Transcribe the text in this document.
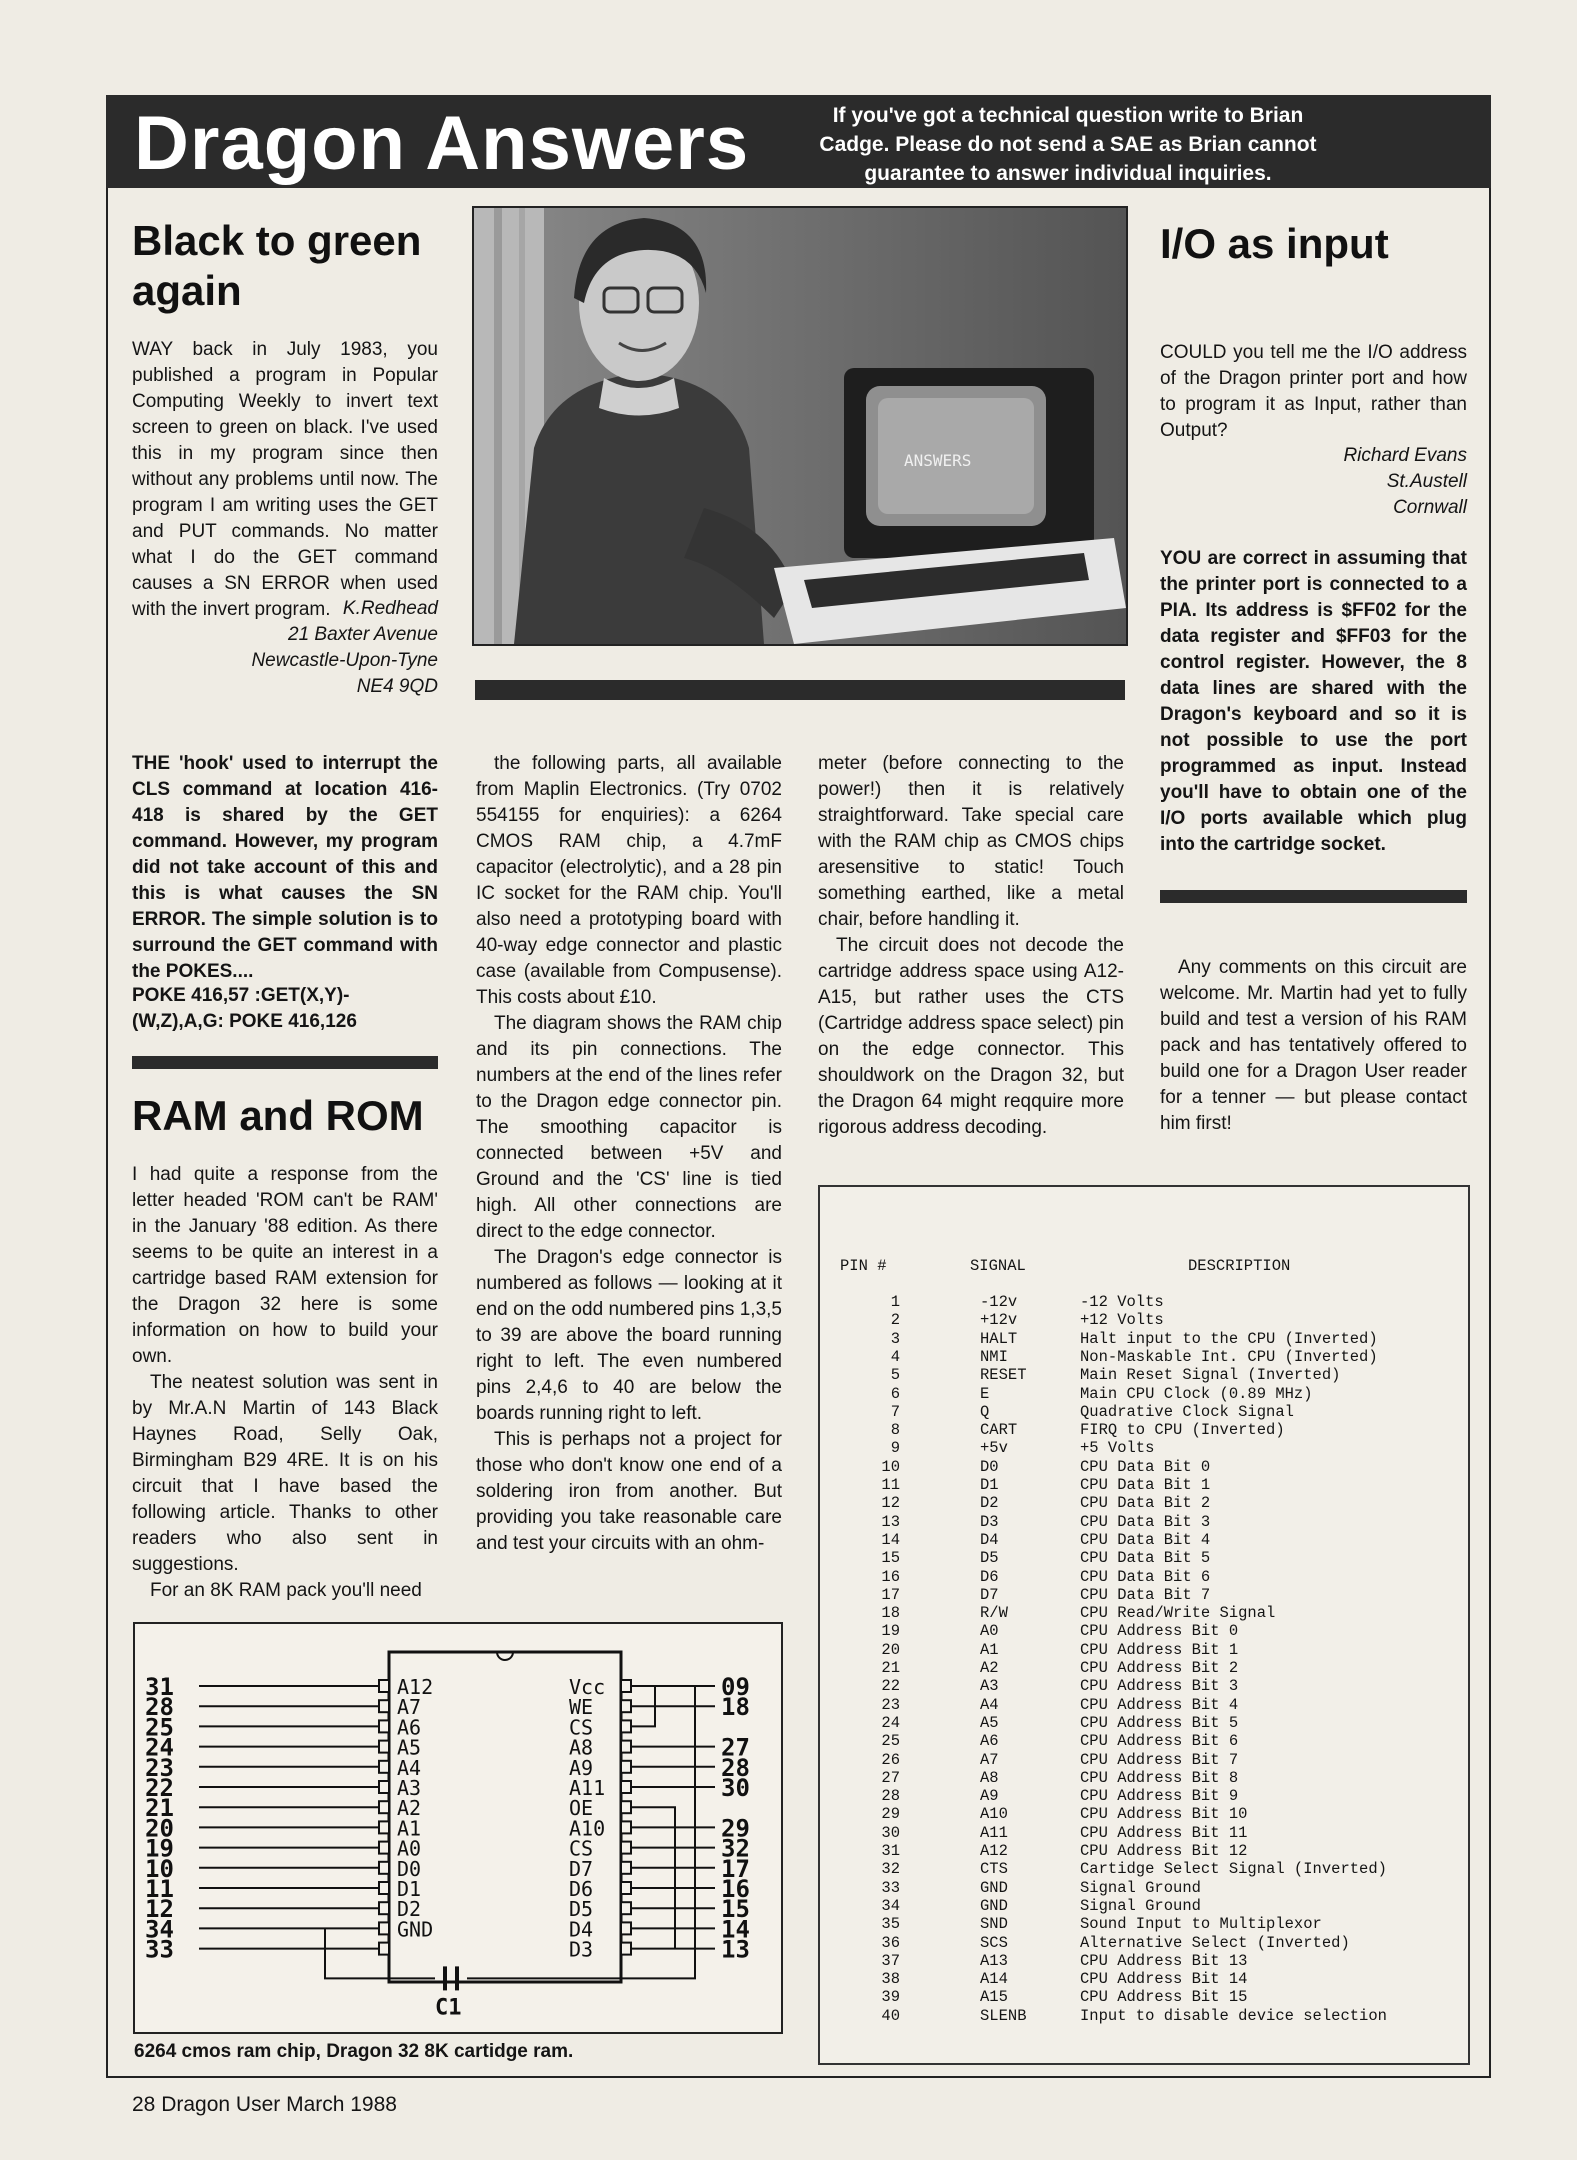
Dragon Answers	If you've got a technical question write to Brian Cadge. Please do not send a SAE as Brian cannot guarantee to answer individual inquiries.
Black to green again
WAY back in July 1983, you published a program in Popular Computing Weekly to invert text screen to green on black. I've used this in my program since then without any problems until now. The program I am writing uses the GET and PUT commands. No matter what I do the GET command causes a SN ERROR when used with the invert program. K.Redhead
21 Baxter Avenue
Newcastle-Upon-Tyne
NE4 9QD
THE 'hook' used to interrupt the CLS command at location 416-418 is shared by the GET command. However, my program did not take account of this and this is what causes the SN ERROR. The simple solution is to surround the GET command with the POKES....
POKE 416,57 :GET(X,Y)-(W,Z),A,G: POKE 416,126
RAM and ROM

I had quite a response from the letter headed 'ROM can't be RAM' in the January '88 edition. As there seems to be quite an interest in a cartridge based RAM extension for the Dragon 32 here is some information on how to build your own.

The neatest solution was sent in by Mr.A.N Martin of 143 Black Haynes Road, Selly Oak, Birmingham B29 4RE. It is on his circuit that I have based the following article. Thanks to other readers who also sent in suggestions.

For an 8K RAM pack you'll need

the following parts, all available from Maplin Electronics. (Try 0702 554155 for enquiries): a 6264 CMOS RAM chip, a 4.7mF capacitor (electrolytic), and a 28 pin IC socket for the RAM chip. You'll also need a prototyping board with 40-way edge connector and plastic case (available from Compusense). This costs about £10.

The diagram shows the RAM chip and its pin connections. The numbers at the end of the lines refer to the Dragon edge connector pin. The smoothing capacitor is connected between +5V and Ground and the 'CS' line is tied high. All other connections are direct to the edge connector.

The Dragon's edge connector is numbered as follows — looking at it end on the odd numbered pins 1,3,5 to 39 are above the board running right to left. The even numbered pins 2,4,6 to 40 are below the boards running right to left.

This is perhaps not a project for those who don't know one end of a soldering iron from another. But providing you take reasonable care and test your circuits with an ohm-

meter (before connecting to the power!) then it is relatively straightforward. Take special care with the RAM chip as CMOS chips aresensitive to static! Touch something earthed, like a metal chair, before handling it.

The circuit does not decode the cartridge address space using A12-A15, but rather uses the CTS (Cartridge address space select) pin on the edge connector. This shouldwork on the Dragon 32, but the Dragon 64 might reqquire more rigorous address decoding.

I/O as input
COULD you tell me the I/O address of the Dragon printer port and how to program it as Input, rather than Output?
Richard Evans
St.Austell
Cornwall
YOU are correct in assuming that the printer port is connected to a PIA. Its address is $FF02 for the data register and $FF03 for the control register. However, the 8 data lines are shared with the Dragon's keyboard and so it is not possible to use the port programmed as input. Instead you'll have to obtain one of the I/O ports available which plug into the cartridge socket.
Any comments on this circuit are welcome. Mr. Martin had yet to fully build and test a version of his RAM pack and has tentatively offered to build one for a Dragon User reader for a tenner — but please contact him first!
ANSWERS
PIN #	SIGNAL	DESCRIPTION
1	-12v	-12 Volts
2	+12v	+12 Volts
3	HALT	Halt input to the CPU (Inverted)
4	NMI	Non-Maskable Int. CPU (Inverted)
5	RESET	Main Reset Signal (Inverted)
6	E	Main CPU Clock (0.89 MHz)
7	Q	Quadrative Clock Signal
8	CART	FIRQ to CPU (Inverted)
9	+5v	+5 Volts
10	D0	CPU Data Bit 0
11	D1	CPU Data Bit 1
12	D2	CPU Data Bit 2
13	D3	CPU Data Bit 3
14	D4	CPU Data Bit 4
15	D5	CPU Data Bit 5
16	D6	CPU Data Bit 6
17	D7	CPU Data Bit 7
18	R/W	CPU Read/Write Signal
19	A0	CPU Address Bit 0
20	A1	CPU Address Bit 1
21	A2	CPU Address Bit 2
22	A3	CPU Address Bit 3
23	A4	CPU Address Bit 4
24	A5	CPU Address Bit 5
25	A6	CPU Address Bit 6
26	A7	CPU Address Bit 7
27	A8	CPU Address Bit 8
28	A9	CPU Address Bit 9
29	A10	CPU Address Bit 10
30	A11	CPU Address Bit 11
31	A12	CPU Address Bit 12
32	CTS	Cartidge Select Signal (Inverted)
33	GND	Signal Ground
34	GND	Signal Ground
35	SND	Sound Input to Multiplexor
36	SCS	Alternative Select (Inverted)
37	A13	CPU Address Bit 13
38	A14	CPU Address Bit 14
39	A15	CPU Address Bit 15
40	SLENB	Input to disable device selection
31	A12
28	A7
25	A6
24	A5
23	A4
22	A3
21	A2
20	A1
19	A0
10	D0
11	D1
12	D2
34	GND
33
09
Vcc
18
WE
CS
27
A8
28
A9
30
A11
OE
29
A10
32
CS
17
D7
16
D6
15
D5
14
D4
13
D3
C1
6264 cmos ram chip, Dragon 32 8K cartidge ram.
28 Dragon User March 1988
